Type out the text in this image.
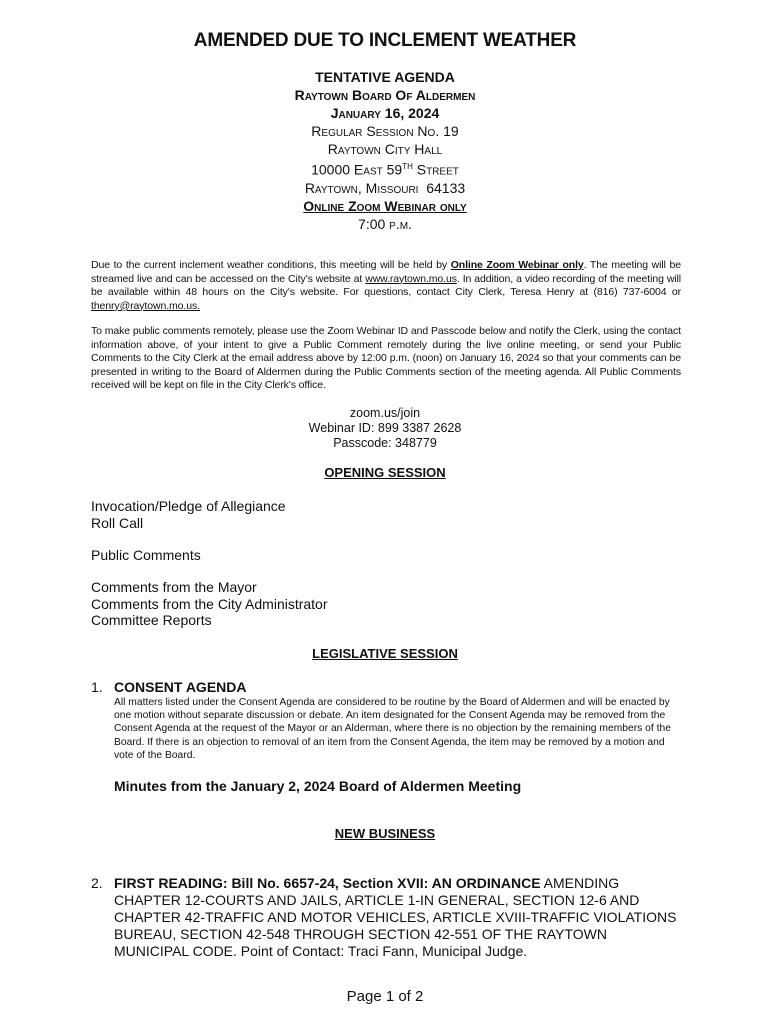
AMENDED DUE TO INCLEMENT WEATHER
TENTATIVE AGENDA
Raytown Board Of Aldermen
January 16, 2024
Regular Session No. 19
Raytown City Hall
10000 East 59TH Street
Raytown, Missouri 64133
Online Zoom Webinar only
7:00 p.m.
Due to the current inclement weather conditions, this meeting will be held by Online Zoom Webinar only. The meeting will be streamed live and can be accessed on the City's website at www.raytown.mo.us. In addition, a video recording of the meeting will be available within 48 hours on the City's website. For questions, contact City Clerk, Teresa Henry at (816) 737-6004 or thenry@raytown.mo.us.
To make public comments remotely, please use the Zoom Webinar ID and Passcode below and notify the Clerk, using the contact information above, of your intent to give a Public Comment remotely during the live online meeting, or send your Public Comments to the City Clerk at the email address above by 12:00 p.m. (noon) on January 16, 2024 so that your comments can be presented in writing to the Board of Aldermen during the Public Comments section of the meeting agenda. All Public Comments received will be kept on file in the City Clerk's office.
zoom.us/join
Webinar ID: 899 3387 2628
Passcode: 348779
OPENING SESSION
Invocation/Pledge of Allegiance
Roll Call
Public Comments
Comments from the Mayor
Comments from the City Administrator
Committee Reports
LEGISLATIVE SESSION
1. CONSENT AGENDA
All matters listed under the Consent Agenda are considered to be routine by the Board of Aldermen and will be enacted by one motion without separate discussion or debate. An item designated for the Consent Agenda may be removed from the Consent Agenda at the request of the Mayor or an Alderman, where there is no objection by the remaining members of the Board. If there is an objection to removal of an item from the Consent Agenda, the item may be removed by a motion and vote of the Board.
Minutes from the January 2, 2024 Board of Aldermen Meeting
NEW BUSINESS
2. FIRST READING: Bill No. 6657-24, Section XVII: AN ORDINANCE AMENDING CHAPTER 12-COURTS AND JAILS, ARTICLE 1-IN GENERAL, SECTION 12-6 AND CHAPTER 42-TRAFFIC AND MOTOR VEHICLES, ARTICLE XVIII-TRAFFIC VIOLATIONS BUREAU, SECTION 42-548 THROUGH SECTION 42-551 OF THE RAYTOWN MUNICIPAL CODE. Point of Contact: Traci Fann, Municipal Judge.
Page 1 of 2
